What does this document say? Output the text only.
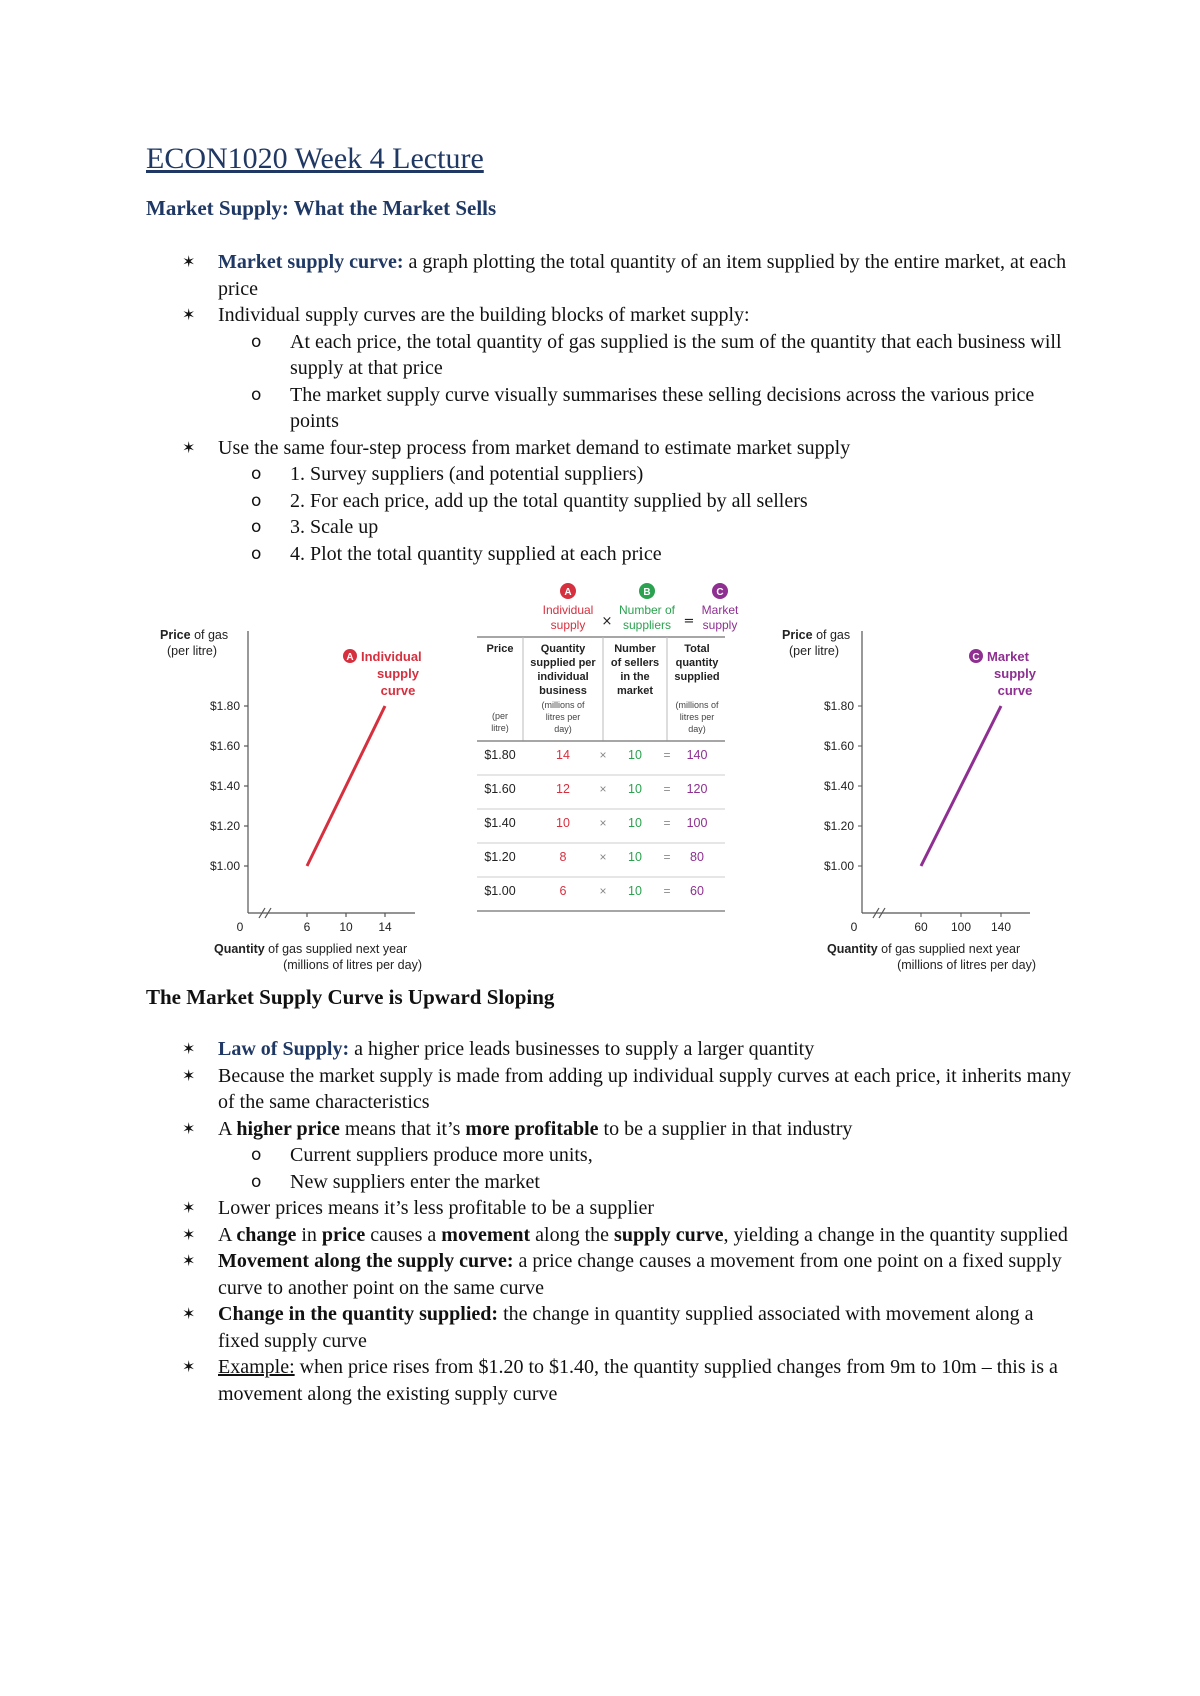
ECON1020 Week 4 Lecture
Market Supply: What the Market Sells
✶ Market supply curve: a graph plotting the total quantity of an item supplied by the entire market, at each price
✶ Individual supply curves are the building blocks of market supply:
o At each price, the total quantity of gas supplied is the sum of the quantity that each business will supply at that price
o The market supply curve visually summarises these selling decisions across the various price points
✶ Use the same four-step process from market demand to estimate market supply
o 1. Survey suppliers (and potential suppliers)
o 2. For each price, add up the total quantity supplied by all sellers
o 3. Scale up
o 4. Plot the total quantity supplied at each price
Price of gas
(per litre)
$1.80
$1.60
$1.40
$1.20
$1.00
0	6 10 14
A Individual
supply
curve
Quantity of gas supplied next year
(millions of litres per day)
A
Individual
supply ×
B
Number of
suppliers =
C
Market
supply
Price
(per
litre)
Quantity
supplied per
individual
business
(millions of
litres per
day)
Number
of sellers
in the
market
Total
quantity
supplied
(millions of
litres per
day)
$1.80	14 × 10 = 140
$1.60	12 × 10 = 120
$1.40	10 × 10 = 100
$1.20	8	× 10 = 80
$1.00	6	× 10 = 60
Price of gas
(per litre)
$1.80
$1.60
$1.40
$1.20
$1.00
0	60 100 140
C Market
supply
curve
Quantity of gas supplied next year
(millions of litres per day)
The Market Supply Curve is Upward Sloping
✶ Law of Supply: a higher price leads businesses to supply a larger quantity
✶ Because the market supply is made from adding up individual supply curves at each price, it inherits many of the same characteristics
✶ A higher price means that it’s more profitable to be a supplier in that industry
o Current suppliers produce more units,
o New suppliers enter the market
✶ Lower prices means it’s less profitable to be a supplier
✶ A change in price causes a movement along the supply curve, yielding a change in the quantity supplied
✶ Movement along the supply curve: a price change causes a movement from one point on a fixed supply curve to another point on the same curve
✶ Change in the quantity supplied: the change in quantity supplied associated with movement along a fixed supply curve
✶ Example: when price rises from $1.20 to $1.40, the quantity supplied changes from 9m to 10m – this is a movement along the existing supply curve
